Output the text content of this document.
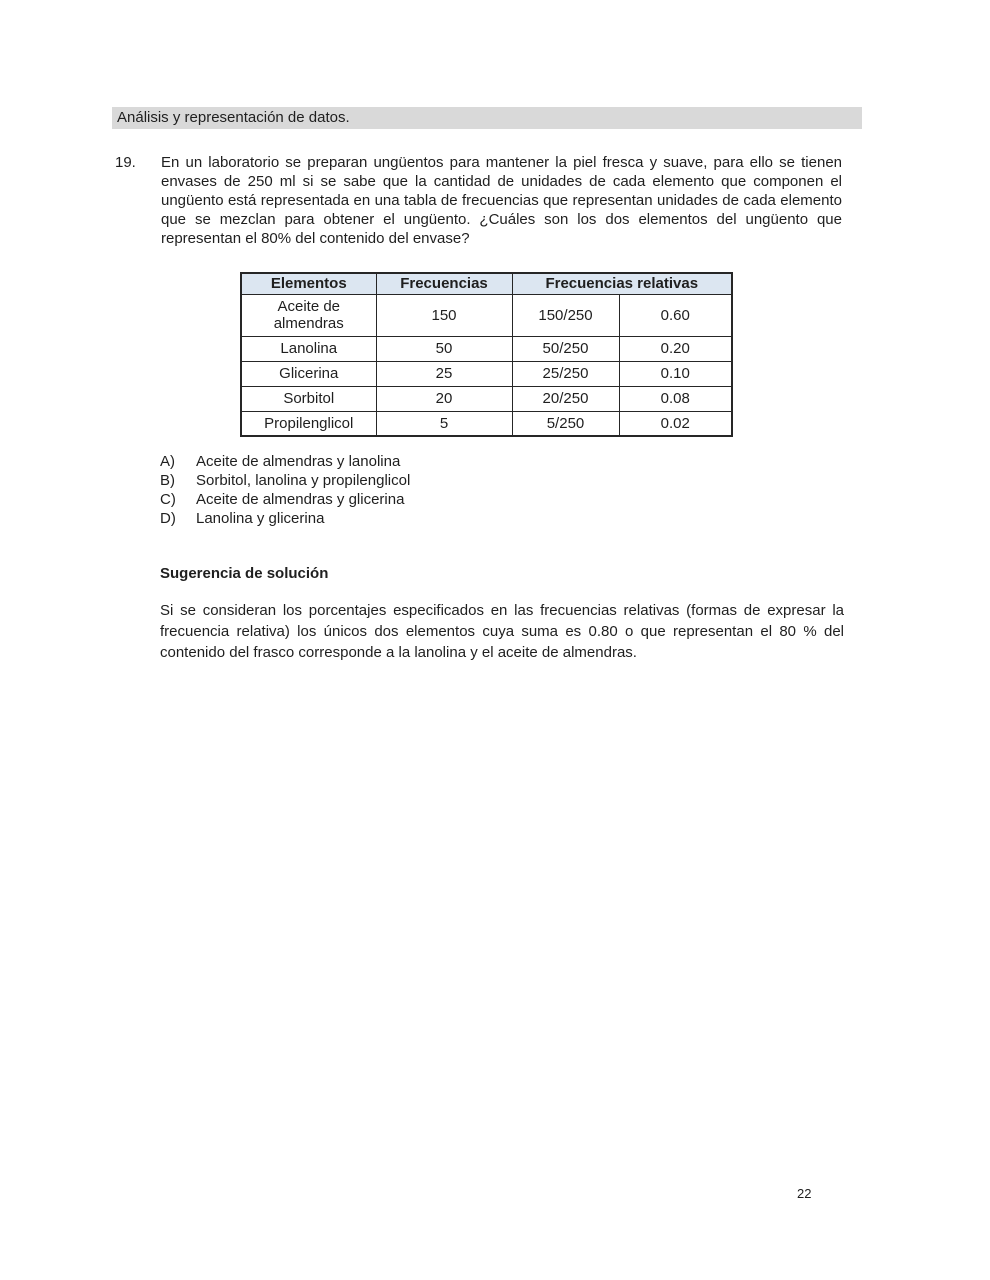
Análisis y representación de datos.
19.	En un laboratorio se preparan ungüentos para mantener la piel fresca y suave, para ello se tienen envases de 250 ml si se sabe que la cantidad de unidades de cada elemento que componen el ungüento está representada en una tabla de frecuencias que representan unidades de cada elemento que se mezclan para obtener el ungüento. ¿Cuáles son los dos elementos del ungüento que representan el 80% del contenido del envase?
Elementos	Frecuencias	Frecuencias relativas	
Aceite de almendras	150	150/250	0.60
Lanolina	50	50/250	0.20
Glicerina	25	25/250	0.10
Sorbitol	20	20/250	0.08
Propilenglicol	5	5/250	0.02
A)	Aceite de almendras y lanolina
B)	Sorbitol, lanolina y propilenglicol
C)	Aceite de almendras y glicerina
D)	Lanolina y glicerina
Sugerencia de solución
Si se consideran los porcentajes especificados en las frecuencias relativas (formas de expresar la frecuencia relativa) los únicos dos elementos cuya suma es 0.80 o que representan el 80 % del contenido del frasco corresponde a la lanolina y el aceite de almendras.
22
